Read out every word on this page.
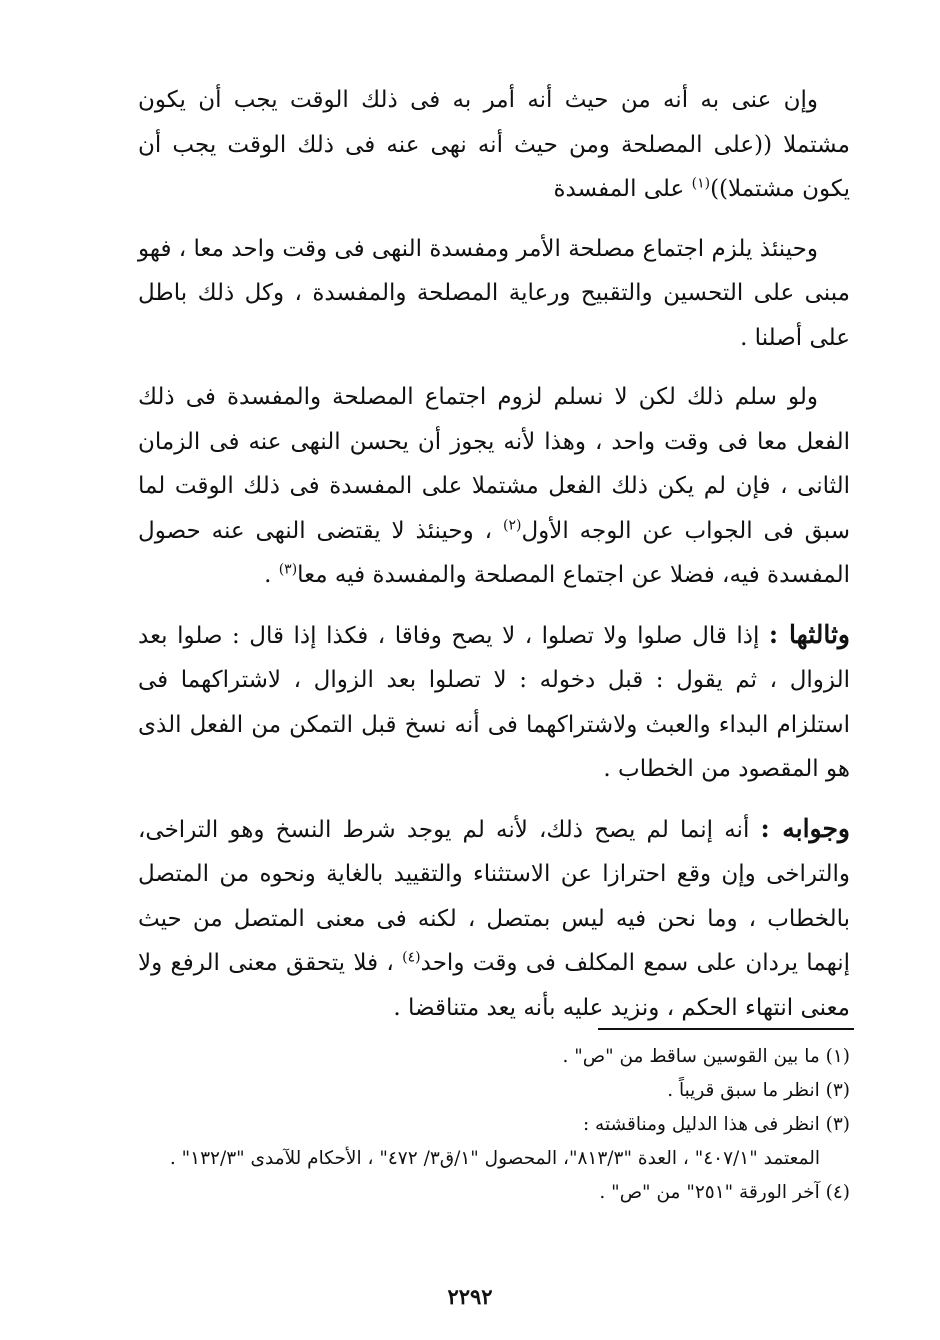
وإن عنى به أنه من حيث أنه أمر به فى ذلك الوقت يجب أن يكون مشتملا ((على المصلحة ومن حيث أنه نهى عنه فى ذلك الوقت يجب أن يكون مشتملا))$^{(١)}$ على المفسدة

وحينئذ يلزم اجتماع مصلحة الأمر ومفسدة النهى فى وقت واحد معا ، فهو مبنى على التحسين والتقبيح ورعاية المصلحة والمفسدة ، وكل ذلك باطل على أصلنا .

ولو سلم ذلك لكن لا نسلم لزوم اجتماع المصلحة والمفسدة فى ذلك الفعل معا فى وقت واحد ، وهذا لأنه يجوز أن يحسن النهى عنه فى الزمان الثانى ، فإن لم يكن ذلك الفعل مشتملا على المفسدة فى ذلك الوقت لما سبق فى الجواب عن الوجه الأول$^{(٢)}$ ، وحينئذ لا يقتضى النهى عنه حصول المفسدة فيه، فضلا عن اجتماع المصلحة والمفسدة فيه معا$^{(٣)}$ .

وثالثها : إذا قال صلوا ولا تصلوا ، لا يصح وفاقا ، فكذا إذا قال : صلوا بعد الزوال ، ثم يقول : قبل دخوله : لا تصلوا بعد الزوال ، لاشتراكهما فى استلزام البداء والعبث ولاشتراكهما فى أنه نسخ قبل التمكن من الفعل الذى هو المقصود من الخطاب .

وجوابه : أنه إنما لم يصح ذلك، لأنه لم يوجد شرط النسخ وهو التراخى، والتراخى وإن وقع احترازا عن الاستثناء والتقييد بالغاية ونحوه من المتصل بالخطاب ، وما نحن فيه ليس بمتصل ، لكنه فى معنى المتصل من حيث إنهما يردان على سمع المكلف فى وقت واحد$^{(٤)}$ ، فلا يتحقق معنى الرفع ولا معنى انتهاء الحكم ، ونزيد عليه بأنه يعد متناقضا .

(١) ما بين القوسين ساقط من "ص" .

(٣) انظر ما سبق قريباً .

(٣) انظر فى هذا الدليل ومناقشته :

المعتمد "٤٠٧/١" ، العدة "٨١٣/٣"، المحصول "١/ق٣/ ٤٧٢" ، الأحكام للآمدى "١٣٢/٣" .

(٤) آخر الورقة "٢٥١" من "ص" .

٢٢٩٢
